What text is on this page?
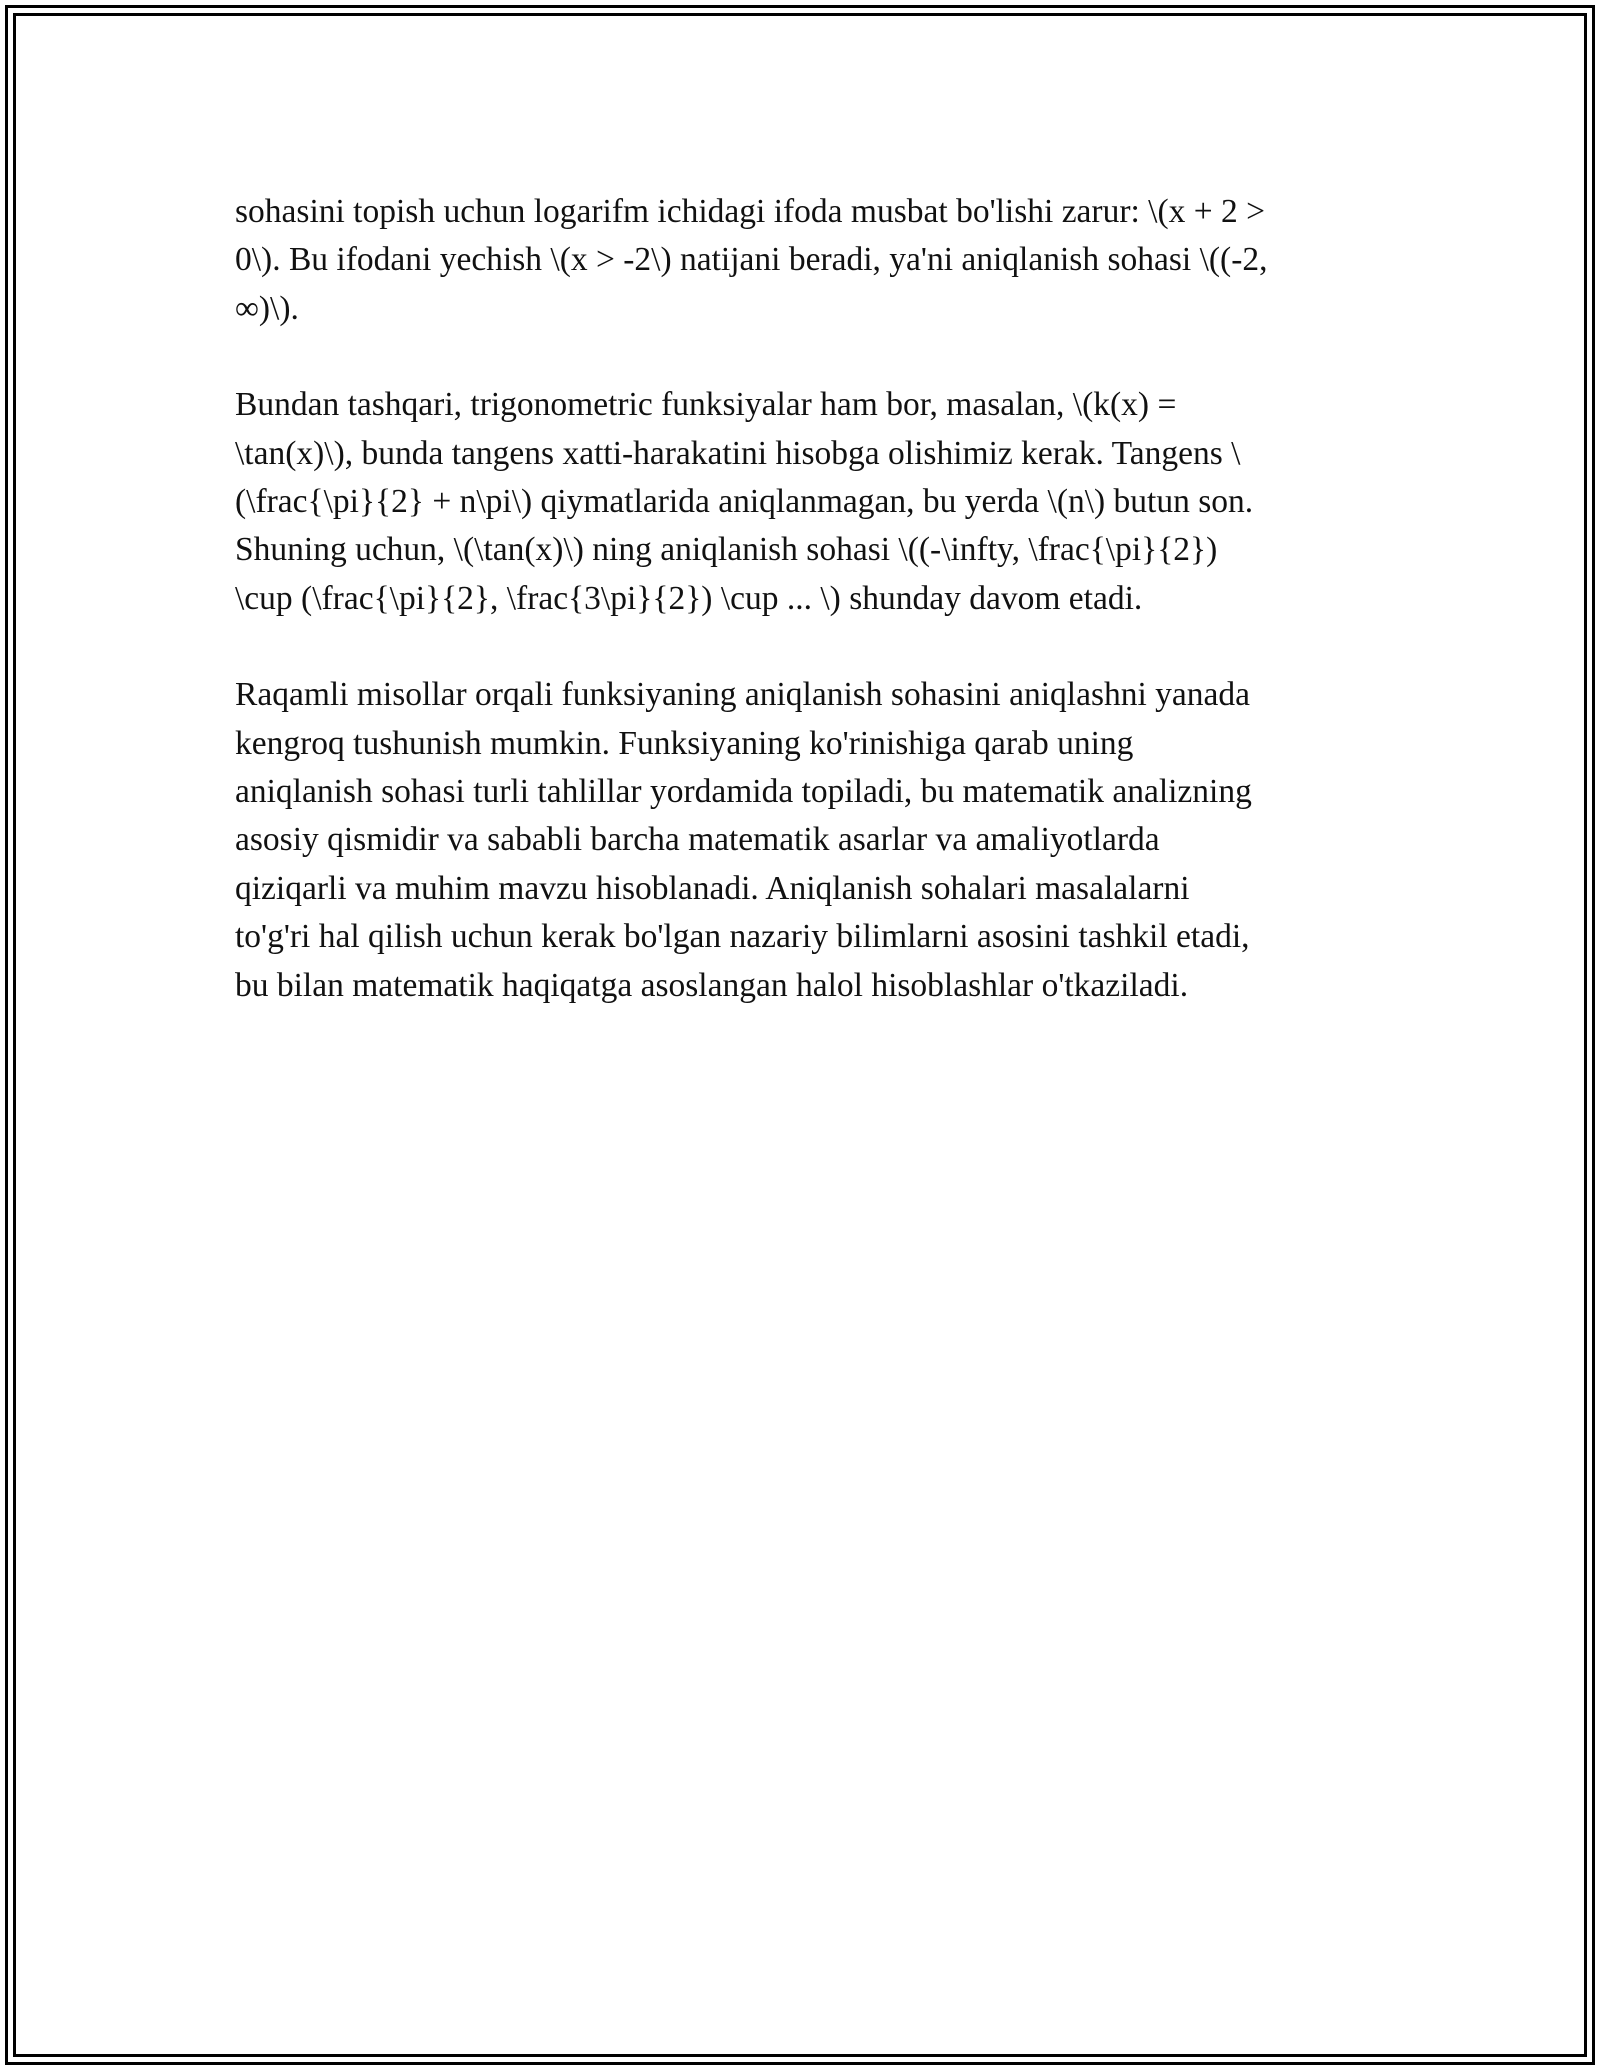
sohasini topish uchun logarifm ichidagi ifoda musbat bo'lishi zarur: \(x + 2 >
0\). Bu ifodani yechish \(x > -2\) natijani beradi, ya'ni aniqlanish sohasi \((-2,
∞)\).

Bundan tashqari, trigonometric funksiyalar ham bor, masalan, \(k(x) =
\tan(x)\), bunda tangens xatti-harakatini hisobga olishimiz kerak. Tangens \
(\frac{\pi}{2} + n\pi\) qiymatlarida aniqlanmagan, bu yerda \(n\) butun son.
Shuning uchun, \(\tan(x)\) ning aniqlanish sohasi \((-\infty, \frac{\pi}{2})
\cup (\frac{\pi}{2}, \frac{3\pi}{2}) \cup ... \) shunday davom etadi.

Raqamli misollar orqali funksiyaning aniqlanish sohasini aniqlashni yanada
kengroq tushunish mumkin. Funksiyaning ko'rinishiga qarab uning
aniqlanish sohasi turli tahlillar yordamida topiladi, bu matematik analizning
asosiy qismidir va sababli barcha matematik asarlar va amaliyotlarda
qiziqarli va muhim mavzu hisoblanadi. Aniqlanish sohalari masalalarni
to'g'ri hal qilish uchun kerak bo'lgan nazariy bilimlarni asosini tashkil etadi,
bu bilan matematik haqiqatga asoslangan halol hisoblashlar o'tkaziladi.
